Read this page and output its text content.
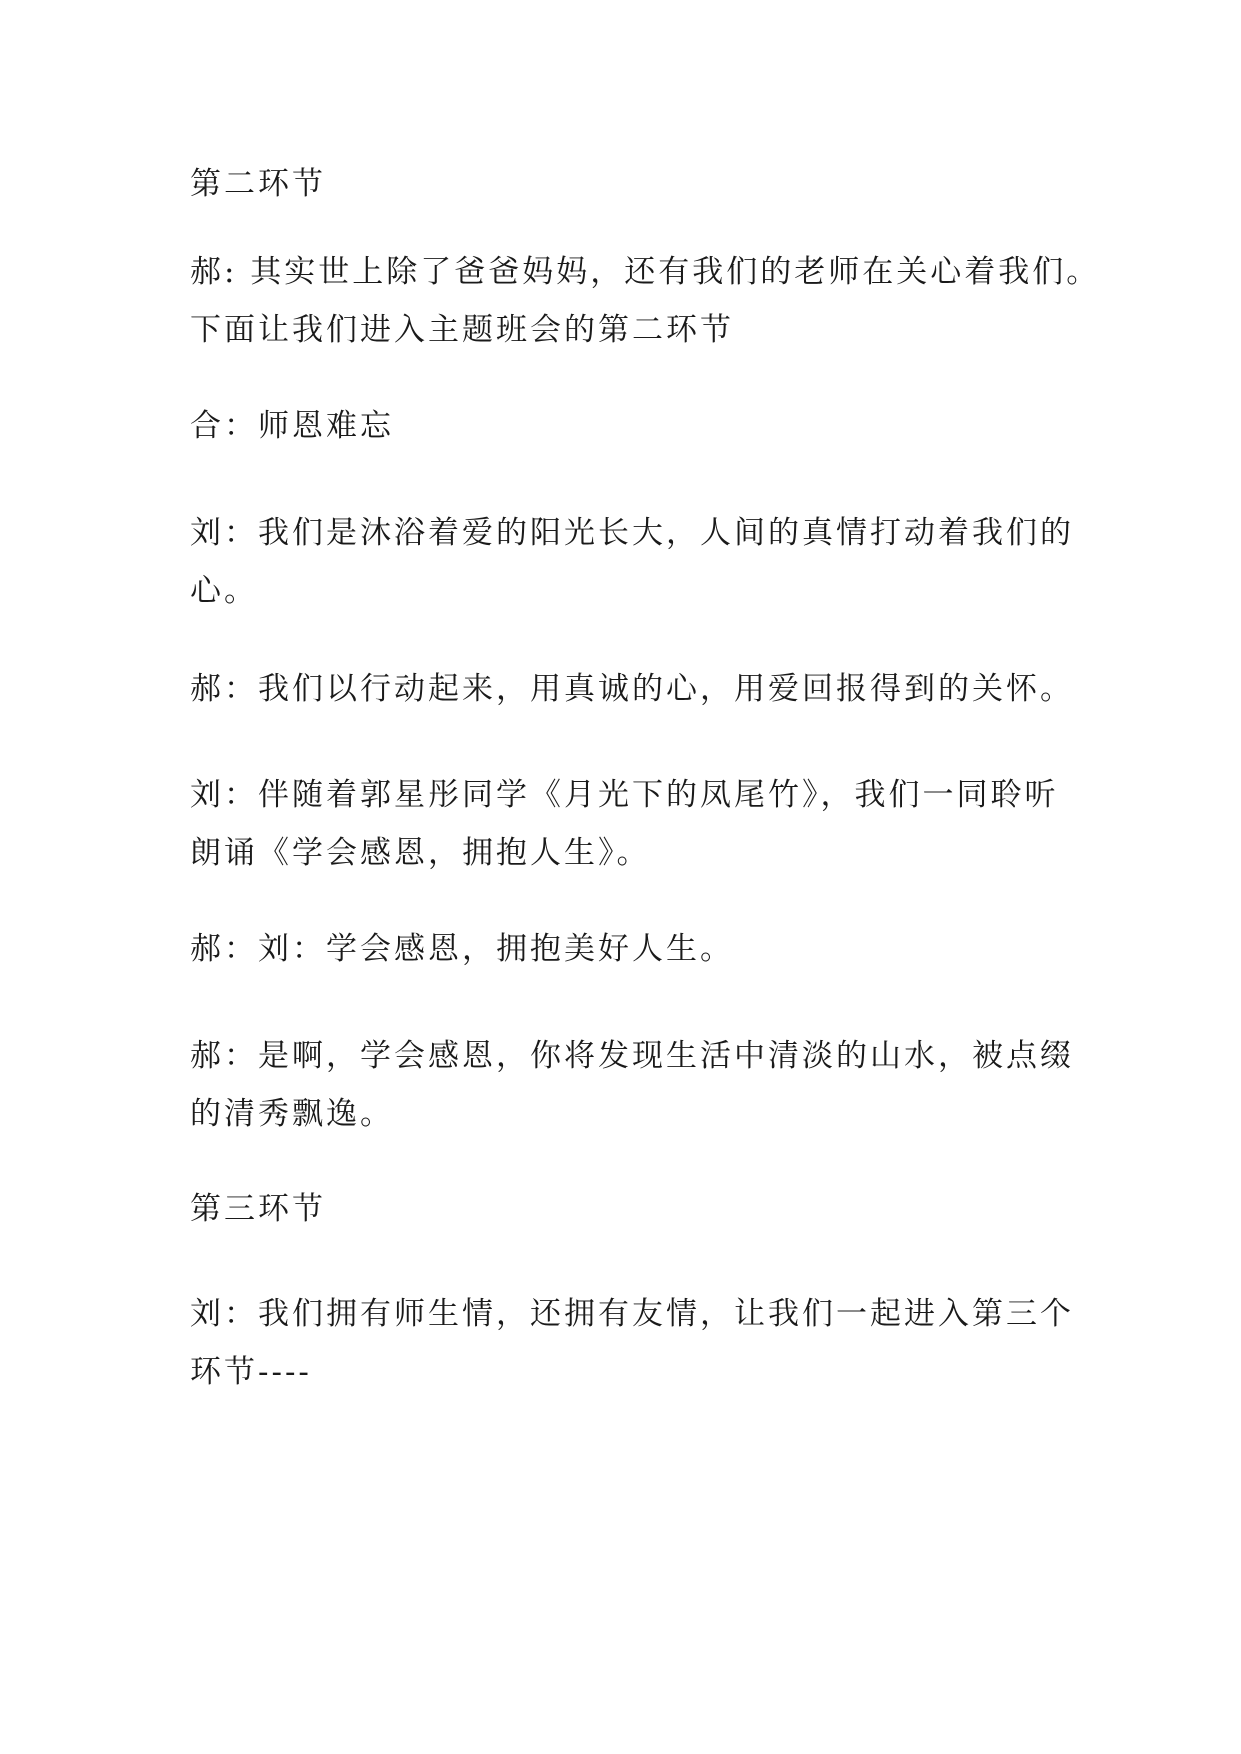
第二环节
郝: 其实世上除了爸爸妈妈，还有我们的老师在关心着我们。
下面让我们进入主题班会的第二环节
合：师恩难忘
刘：我们是沐浴着爱的阳光长大，人间的真情打动着我们的
心。
郝：我们以行动起来，用真诚的心，用爱回报得到的关怀。
刘：伴随着郭星彤同学《月光下的凤尾竹》，我们一同聆听
朗诵《学会感恩，拥抱人生》。
郝：刘：学会感恩，拥抱美好人生。
郝：是啊，学会感恩，你将发现生活中清淡的山水，被点缀
的清秀飘逸。
第三环节
刘：我们拥有师生情，还拥有友情，让我们一起进入第三个
环节----
